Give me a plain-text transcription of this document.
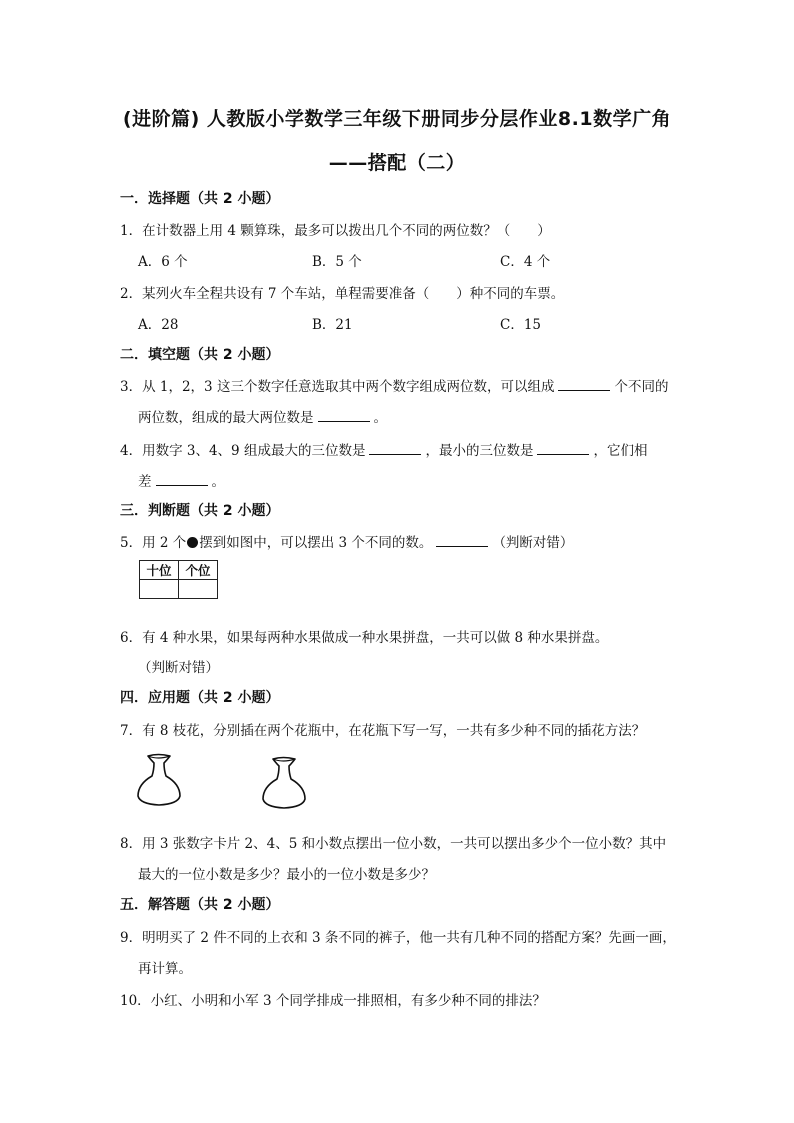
(进阶篇) 人教版小学数学三年级下册同步分层作业8.1数学广角
——搭配（二）
一．选择题（共 2 小题）
1．在计数器上用 4 颗算珠，最多可以拨出几个不同的两位数？（　　）
A．6 个	B．5 个	C．4 个
2．某列火车全程共设有 7 个车站，单程需要准备（　　）种不同的车票。
A．28	B．21	C．15
二．填空题（共 2 小题）
3．从 1，2，3 这三个数字任意选取其中两个数字组成两位数，可以组成	个不同的
两位数，组成的最大两位数是	。
4．用数字 3、4、9 组成最大的三位数是	，最小的三位数是	，它们相
差	。
三．判断题（共 2 小题）
5．用 2 个 摆到如图中，可以摆出 3 个不同的数。	（判断对错）
十位	个位

6．有 4 种水果，如果每两种水果做成一种水果拼盘，一共可以做 8 种水果拼盘。
（判断对错）
四．应用题（共 2 小题）
7．有 8 枝花，分别插在两个花瓶中，在花瓶下写一写，一共有多少种不同的插花方法？
8．用 3 张数字卡片 2、4、5 和小数点摆出一位小数，一共可以摆出多少个一位小数？其中
最大的一位小数是多少？最小的一位小数是多少？
五．解答题（共 2 小题）
9．明明买了 2 件不同的上衣和 3 条不同的裤子，他一共有几种不同的搭配方案？先画一画，
再计算。
10．小红、小明和小军 3 个同学排成一排照相，有多少种不同的排法？
